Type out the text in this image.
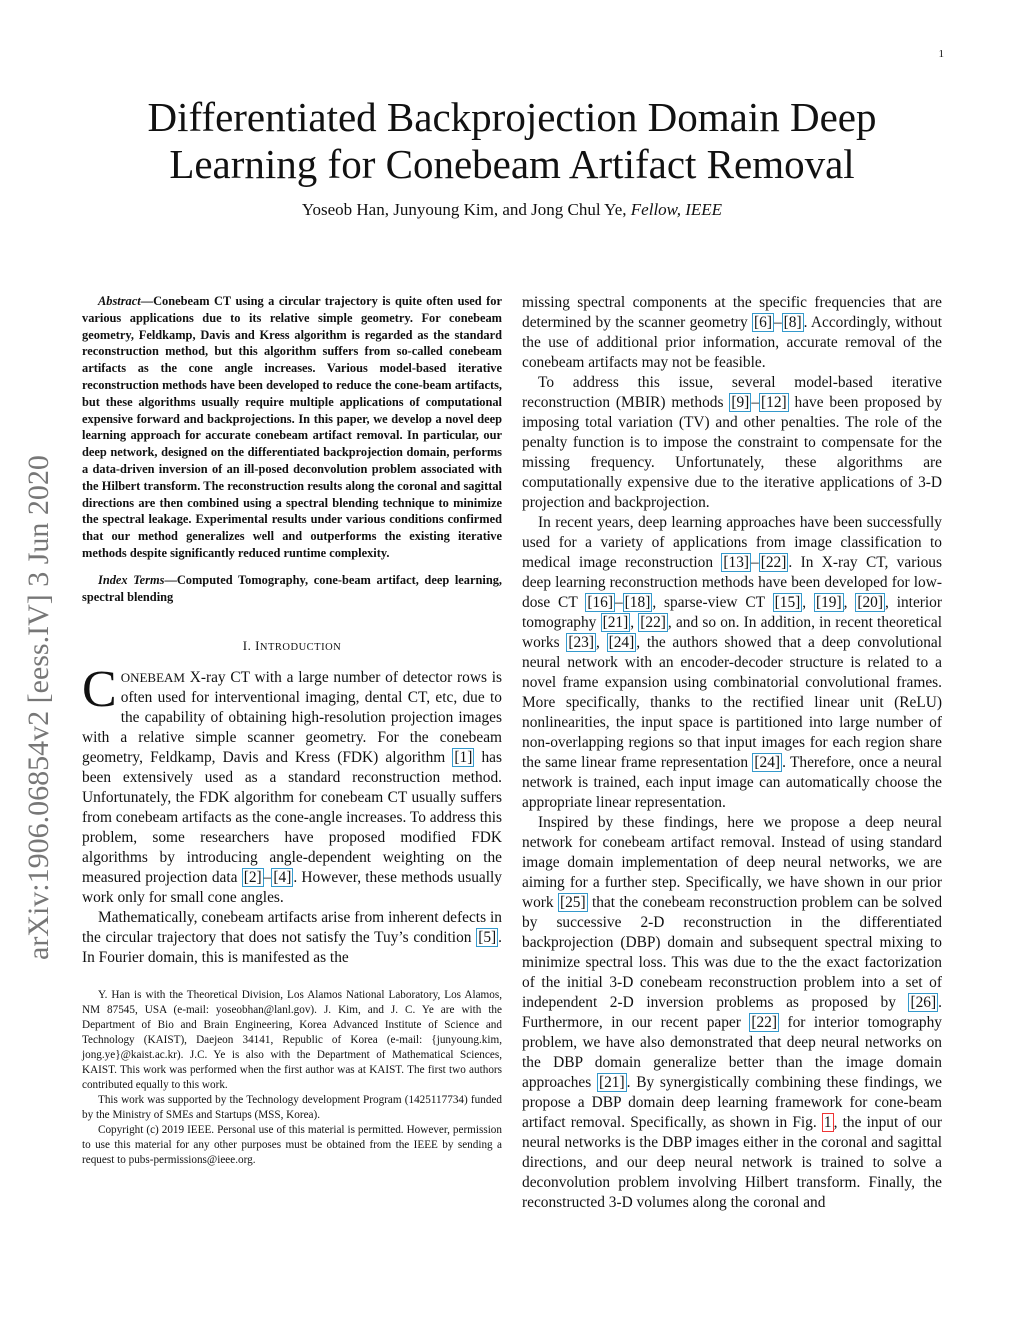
1
arXiv:1906.06854v2 [eess.IV] 3 Jun 2020
Differentiated Backprojection Domain Deep Learning for Conebeam Artifact Removal
Yoseob Han, Junyoung Kim, and Jong Chul Ye, Fellow, IEEE

Abstract—Conebeam CT using a circular trajectory is quite often used for various applications due to its relative simple geometry. For conebeam geometry, Feldkamp, Davis and Kress algorithm is regarded as the standard reconstruction method, but this algorithm suffers from so-called conebeam artifacts as the cone angle increases. Various model-based iterative reconstruction methods have been developed to reduce the cone-beam artifacts, but these algorithms usually require multiple applications of computational expensive forward and backprojections. In this paper, we develop a novel deep learning approach for accurate conebeam artifact removal. In particular, our deep network, designed on the differentiated backprojection domain, performs a data-driven inversion of an ill-posed deconvolution problem associated with the Hilbert transform. The reconstruction results along the coronal and sagittal directions are then combined using a spectral blending technique to minimize the spectral leakage. Experimental results under various conditions confirmed that our method generalizes well and outperforms the existing iterative methods despite significantly reduced runtime complexity.

Index Terms—Computed Tomography, cone-beam artifact, deep learning, spectral blending

I. INTRODUCTION

CONEBEAM X-ray CT with a large number of detector rows is often used for interventional imaging, dental CT, etc, due to the capability of obtaining high-resolution projection images with a relative simple scanner geometry. For the conebeam geometry, Feldkamp, Davis and Kress (FDK) algorithm [1] has been extensively used as a standard reconstruction method. Unfortunately, the FDK algorithm for conebeam CT usually suffers from conebeam artifacts as the cone-angle increases. To address this problem, some researchers have proposed modified FDK algorithms by introducing angle-dependent weighting on the measured projection data [2] – [4] . However, these methods usually work only for small cone angles.

Mathematically, conebeam artifacts arise from inherent defects in the circular trajectory that does not satisfy the Tuy’s condition [5] . In Fourier domain, this is manifested as the

Y. Han is with the Theoretical Division, Los Alamos National Laboratory, Los Alamos, NM 87545, USA (e-mail: yoseobhan@lanl.gov). J. Kim, and J. C. Ye are with the Department of Bio and Brain Engineering, Korea Advanced Institute of Science and Technology (KAIST), Daejeon 34141, Republic of Korea (e-mail: {junyoung.kim, jong.ye}@kaist.ac.kr). J.C. Ye is also with the Department of Mathematical Sciences, KAIST. This work was performed when the first author was at KAIST. The first two authors contributed equally to this work.

This work was supported by the Technology development Program (1425117734) funded by the Ministry of SMEs and Startups (MSS, Korea).

Copyright (c) 2019 IEEE. Personal use of this material is permitted. However, permission to use this material for any other purposes must be obtained from the IEEE by sending a request to pubs-permissions@ieee.org.

missing spectral components at the specific frequencies that are determined by the scanner geometry [6] – [8] . Accordingly, without the use of additional prior information, accurate removal of the conebeam artifacts may not be feasible.

To address this issue, several model-based iterative reconstruction (MBIR) methods [9] – [12] have been proposed by imposing total variation (TV) and other penalties. The role of the penalty function is to impose the constraint to compensate for the missing frequency. Unfortunately, these algorithms are computationally expensive due to the iterative applications of 3-D projection and backprojection.

In recent years, deep learning approaches have been successfully used for a variety of applications from image classification to medical image reconstruction [13] – [22] . In X-ray CT, various deep learning reconstruction methods have been developed for low-dose CT [16] – [18] , sparse-view CT [15] , [19] , [20] , interior tomography [21] , [22] , and so on. In addition, in recent theoretical works [23] , [24] , the authors showed that a deep convolutional neural network with an encoder-decoder structure is related to a novel frame expansion using combinatorial convolutional frames. More specifically, thanks to the rectified linear unit (ReLU) nonlinearities, the input space is partitioned into large number of non-overlapping regions so that input images for each region share the same linear frame representation [24] . Therefore, once a neural network is trained, each input image can automatically choose the appropriate linear representation.

Inspired by these findings, here we propose a deep neural network for conebeam artifact removal. Instead of using standard image domain implementation of deep neural networks, we are aiming for a further step. Specifically, we have shown in our prior work [25] that the conebeam reconstruction problem can be solved by successive 2-D reconstruction in the differentiated backprojection (DBP) domain and subsequent spectral mixing to minimize spectral loss. This was due to the the exact factorization of the initial 3-D conebeam reconstruction problem into a set of independent 2-D inversion problems as proposed by [26] . Furthermore, in our recent paper [22] for interior tomography problem, we have also demonstrated that deep neural networks on the DBP domain generalize better than the image domain approaches [21] . By synergistically combining these findings, we propose a DBP domain deep learning framework for cone-beam artifact removal. Specifically, as shown in Fig. 1 , the input of our neural networks is the DBP images either in the coronal and sagittal directions, and our deep neural network is trained to solve a deconvolution problem involving Hilbert transform. Finally, the reconstructed 3-D volumes along the coronal and
